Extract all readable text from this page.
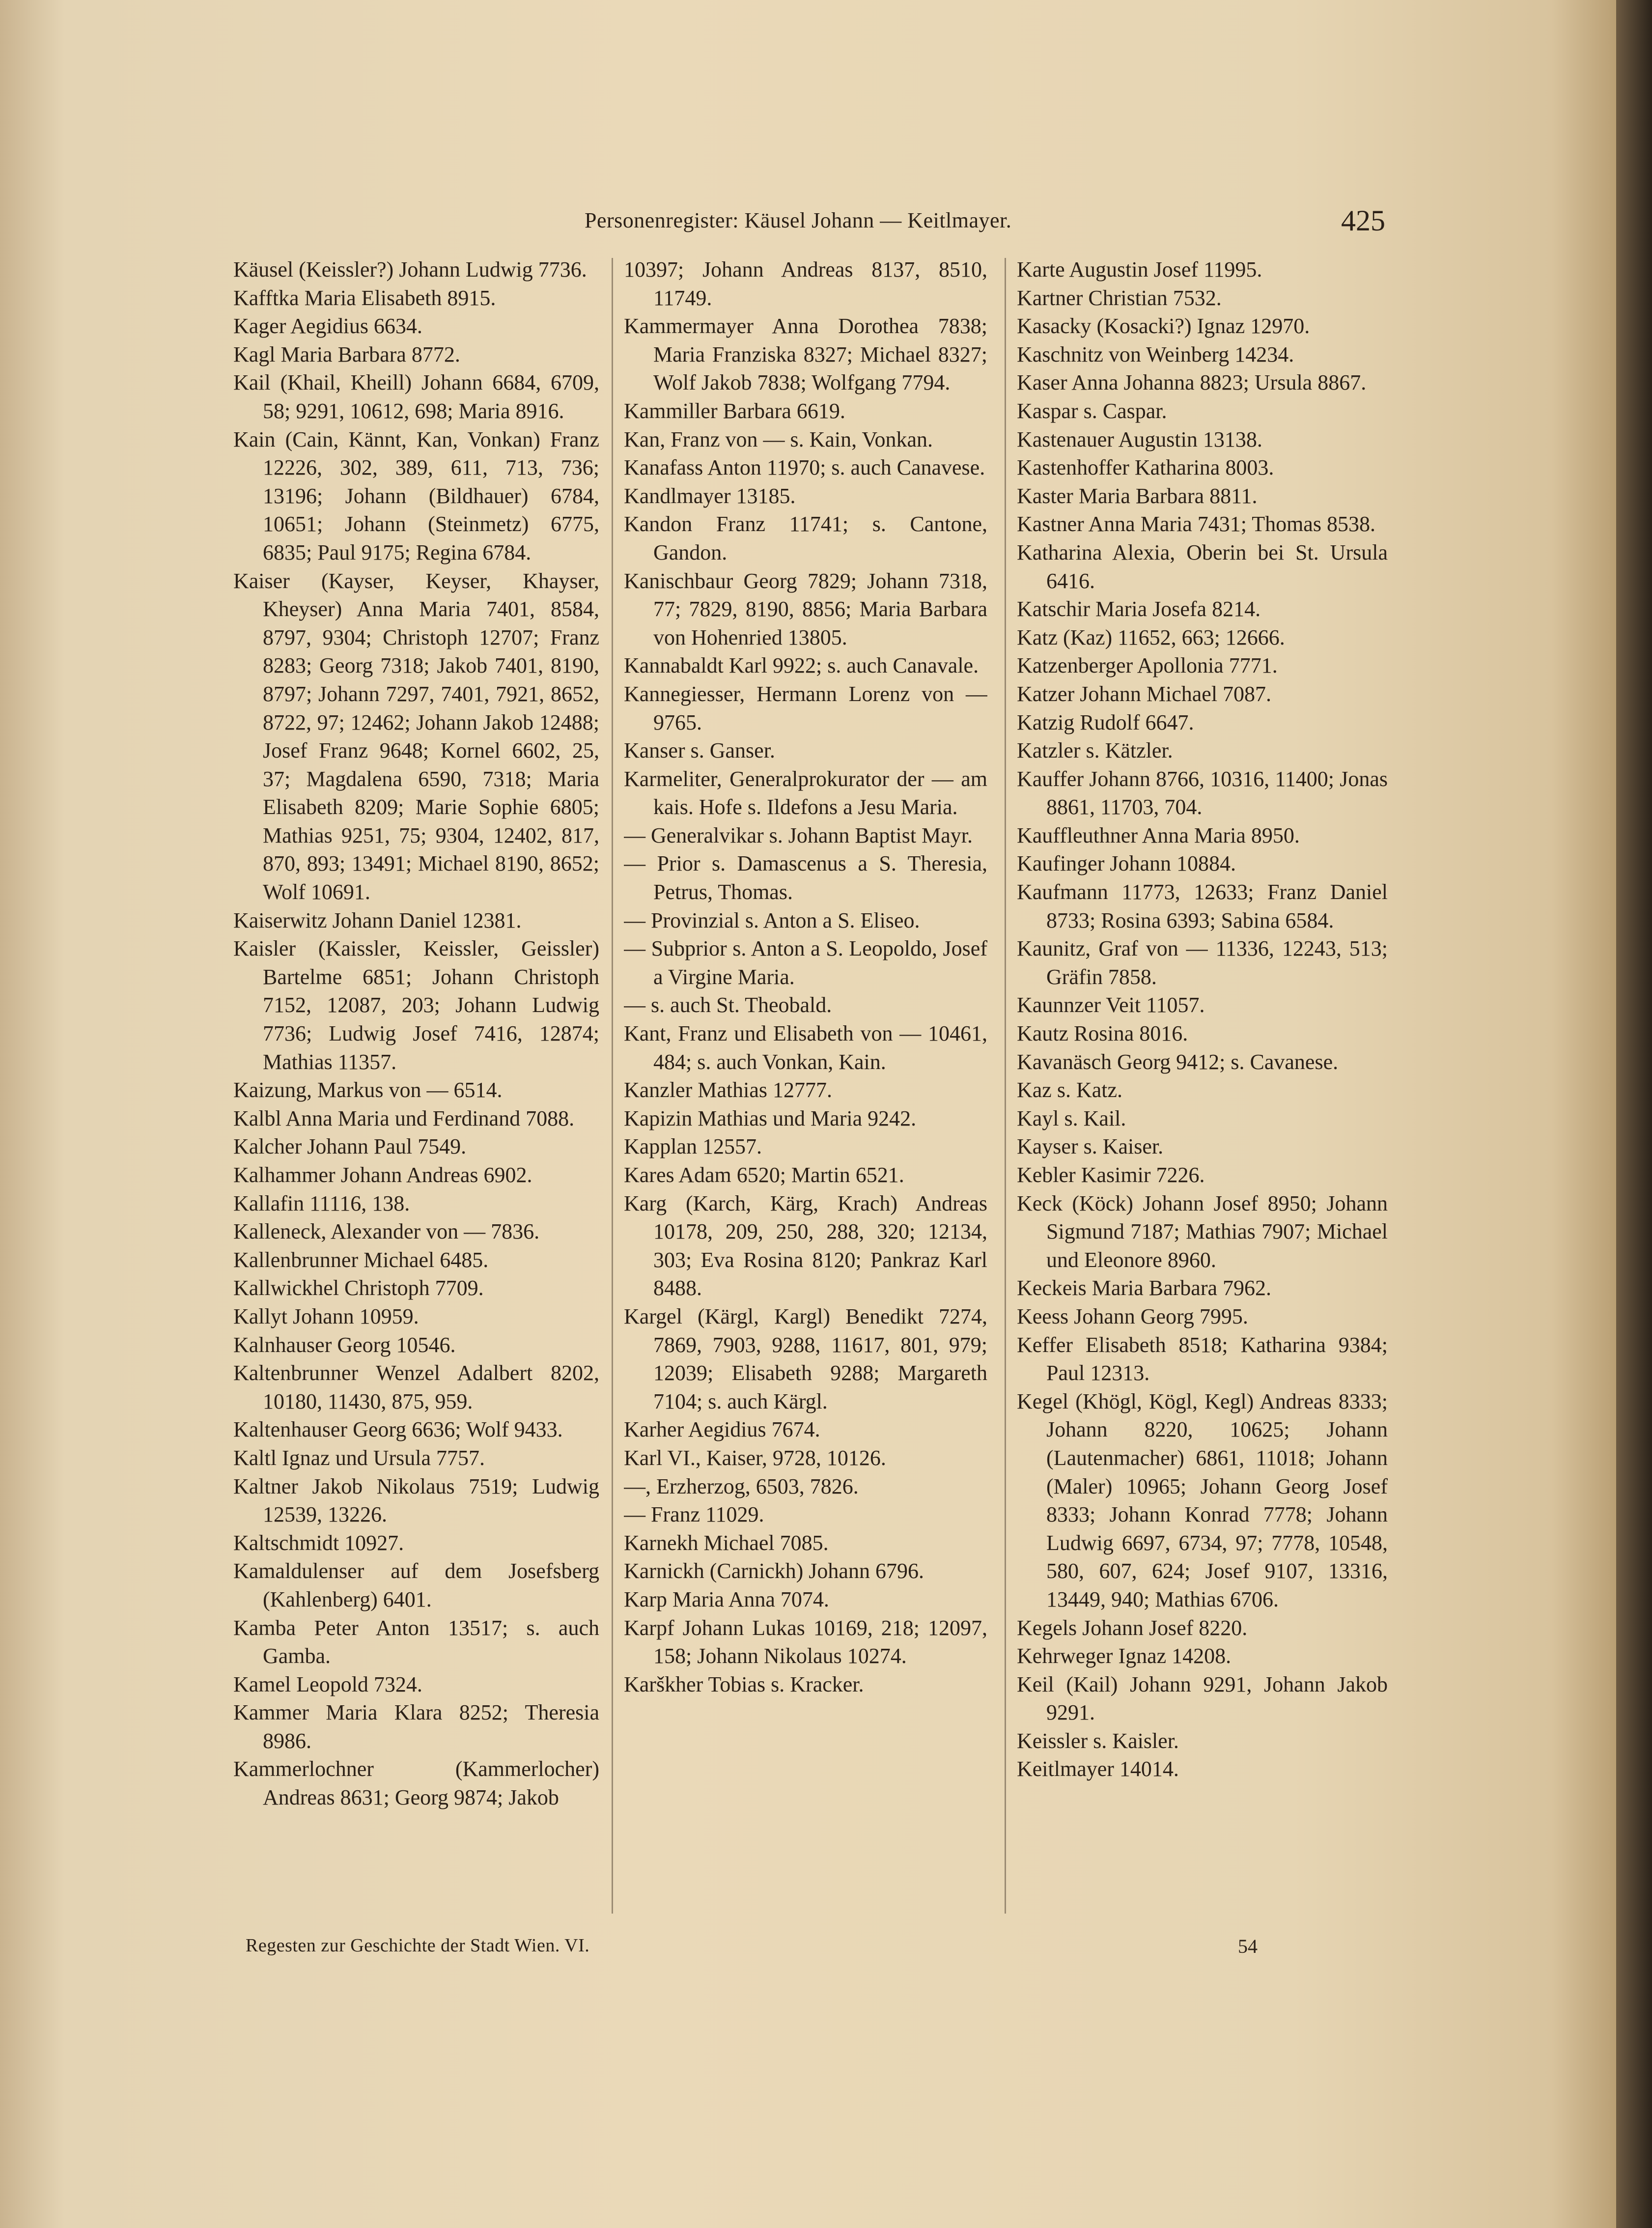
Personenregister: Käusel Johann — Keitlmayer.	425
Käusel (Keissler?) Johann Ludwig 7736.
Kafftka Maria Elisabeth 8915.
Kager Aegidius 6634.
Kagl Maria Barbara 8772.
Kail (Khail, Kheill) Johann 6684, 6709, 58; 9291, 10612, 698; Maria 8916.
Kain (Cain, Kännt, Kan, Vonkan) Franz 12226, 302, 389, 611, 713, 736; 13196; Johann (Bildhauer) 6784, 10651; Johann (Steinmetz) 6775, 6835; Paul 9175; Regina 6784.
Kaiser (Kayser, Keyser, Khayser, Kheyser) Anna Maria 7401, 8584, 8797, 9304; Christoph 12707; Franz 8283; Georg 7318; Jakob 7401, 8190, 8797; Johann 7297, 7401, 7921, 8652, 8722, 97; 12462; Johann Jakob 12488; Josef Franz 9648; Kornel 6602, 25, 37; Magdalena 6590, 7318; Maria Elisabeth 8209; Marie Sophie 6805; Mathias 9251, 75; 9304, 12402, 817, 870, 893; 13491; Michael 8190, 8652; Wolf 10691.
Kaiserwitz Johann Daniel 12381.
Kaisler (Kaissler, Keissler, Geissler) Bartelme 6851; Johann Christoph 7152, 12087, 203; Johann Ludwig 7736; Ludwig Josef 7416, 12874; Mathias 11357.
Kaizung, Markus von — 6514.
Kalbl Anna Maria und Ferdinand 7088.
Kalcher Johann Paul 7549.
Kalhammer Johann Andreas 6902.
Kallafin 11116, 138.
Kalleneck, Alexander von — 7836.
Kallenbrunner Michael 6485.
Kallwickhel Christoph 7709.
Kallyt Johann 10959.
Kalnhauser Georg 10546.
Kaltenbrunner Wenzel Adalbert 8202, 10180, 11430, 875, 959.
Kaltenhauser Georg 6636; Wolf 9433.
Kaltl Ignaz und Ursula 7757.
Kaltner Jakob Nikolaus 7519; Ludwig 12539, 13226.
Kaltschmidt 10927.
Kamaldulenser auf dem Josefsberg (Kahlenberg) 6401.
Kamba Peter Anton 13517; s. auch Gamba.
Kamel Leopold 7324.
Kammer Maria Klara 8252; Theresia 8986.
Kammerlochner (Kammerlocher) Andreas 8631; Georg 9874; Jakob
10397; Johann Andreas 8137, 8510, 11749.
Kammermayer Anna Dorothea 7838; Maria Franziska 8327; Michael 8327; Wolf Jakob 7838; Wolfgang 7794.
Kammiller Barbara 6619.
Kan, Franz von — s. Kain, Vonkan.
Kanafass Anton 11970; s. auch Canavese.
Kandlmayer 13185.
Kandon Franz 11741; s. Cantone, Gandon.
Kanischbaur Georg 7829; Johann 7318, 77; 7829, 8190, 8856; Maria Barbara von Hohenried 13805.
Kannabaldt Karl 9922; s. auch Canavale.
Kannegiesser, Hermann Lorenz von — 9765.
Kanser s. Ganser.
Karmeliter, Generalprokurator der — am kais. Hofe s. Ildefons a Jesu Maria.
— Generalvikar s. Johann Baptist Mayr.
— Prior s. Damascenus a S. Theresia, Petrus, Thomas.
— Provinzial s. Anton a S. Eliseo.
— Subprior s. Anton a S. Leopoldo, Josef a Virgine Maria.
— s. auch St. Theobald.
Kant, Franz und Elisabeth von — 10461, 484; s. auch Vonkan, Kain.
Kanzler Mathias 12777.
Kapizin Mathias und Maria 9242.
Kapplan 12557.
Kares Adam 6520; Martin 6521.
Karg (Karch, Kärg, Krach) Andreas 10178, 209, 250, 288, 320; 12134, 303; Eva Rosina 8120; Pankraz Karl 8488.
Kargel (Kärgl, Kargl) Benedikt 7274, 7869, 7903, 9288, 11617, 801, 979; 12039; Elisabeth 9288; Margareth 7104; s. auch Kärgl.
Karher Aegidius 7674.
Karl VI., Kaiser, 9728, 10126.
—, Erzherzog, 6503, 7826.
— Franz 11029.
Karnekh Michael 7085.
Karnickh (Carnickh) Johann 6796.
Karp Maria Anna 7074.
Karpf Johann Lukas 10169, 218; 12097, 158; Johann Nikolaus 10274.
Karškher Tobias s. Kracker.
Karte Augustin Josef 11995.
Kartner Christian 7532.
Kasacky (Kosacki?) Ignaz 12970.
Kaschnitz von Weinberg 14234.
Kaser Anna Johanna 8823; Ursula 8867.
Kaspar s. Caspar.
Kastenauer Augustin 13138.
Kastenhoffer Katharina 8003.
Kaster Maria Barbara 8811.
Kastner Anna Maria 7431; Thomas 8538.
Katharina Alexia, Oberin bei St. Ursula 6416.
Katschir Maria Josefa 8214.
Katz (Kaz) 11652, 663; 12666.
Katzenberger Apollonia 7771.
Katzer Johann Michael 7087.
Katzig Rudolf 6647.
Katzler s. Kätzler.
Kauffer Johann 8766, 10316, 11400; Jonas 8861, 11703, 704.
Kauffleuthner Anna Maria 8950.
Kaufinger Johann 10884.
Kaufmann 11773, 12633; Franz Daniel 8733; Rosina 6393; Sabina 6584.
Kaunitz, Graf von — 11336, 12243, 513; Gräfin 7858.
Kaunnzer Veit 11057.
Kautz Rosina 8016.
Kavanäsch Georg 9412; s. Cavanese.
Kaz s. Katz.
Kayl s. Kail.
Kayser s. Kaiser.
Kebler Kasimir 7226.
Keck (Köck) Johann Josef 8950; Johann Sigmund 7187; Mathias 7907; Michael und Eleonore 8960.
Keckeis Maria Barbara 7962.
Keess Johann Georg 7995.
Keffer Elisabeth 8518; Katharina 9384; Paul 12313.
Kegel (Khögl, Kögl, Kegl) Andreas 8333; Johann 8220, 10625; Johann (Lautenmacher) 6861, 11018; Johann (Maler) 10965; Johann Georg Josef 8333; Johann Konrad 7778; Johann Ludwig 6697, 6734, 97; 7778, 10548, 580, 607, 624; Josef 9107, 13316, 13449, 940; Mathias 6706.
Kegels Johann Josef 8220.
Kehrweger Ignaz 14208.
Keil (Kail) Johann 9291, Johann Jakob 9291.
Keissler s. Kaisler.
Keitlmayer 14014.
Regesten zur Geschichte der Stadt Wien. VI.	54
